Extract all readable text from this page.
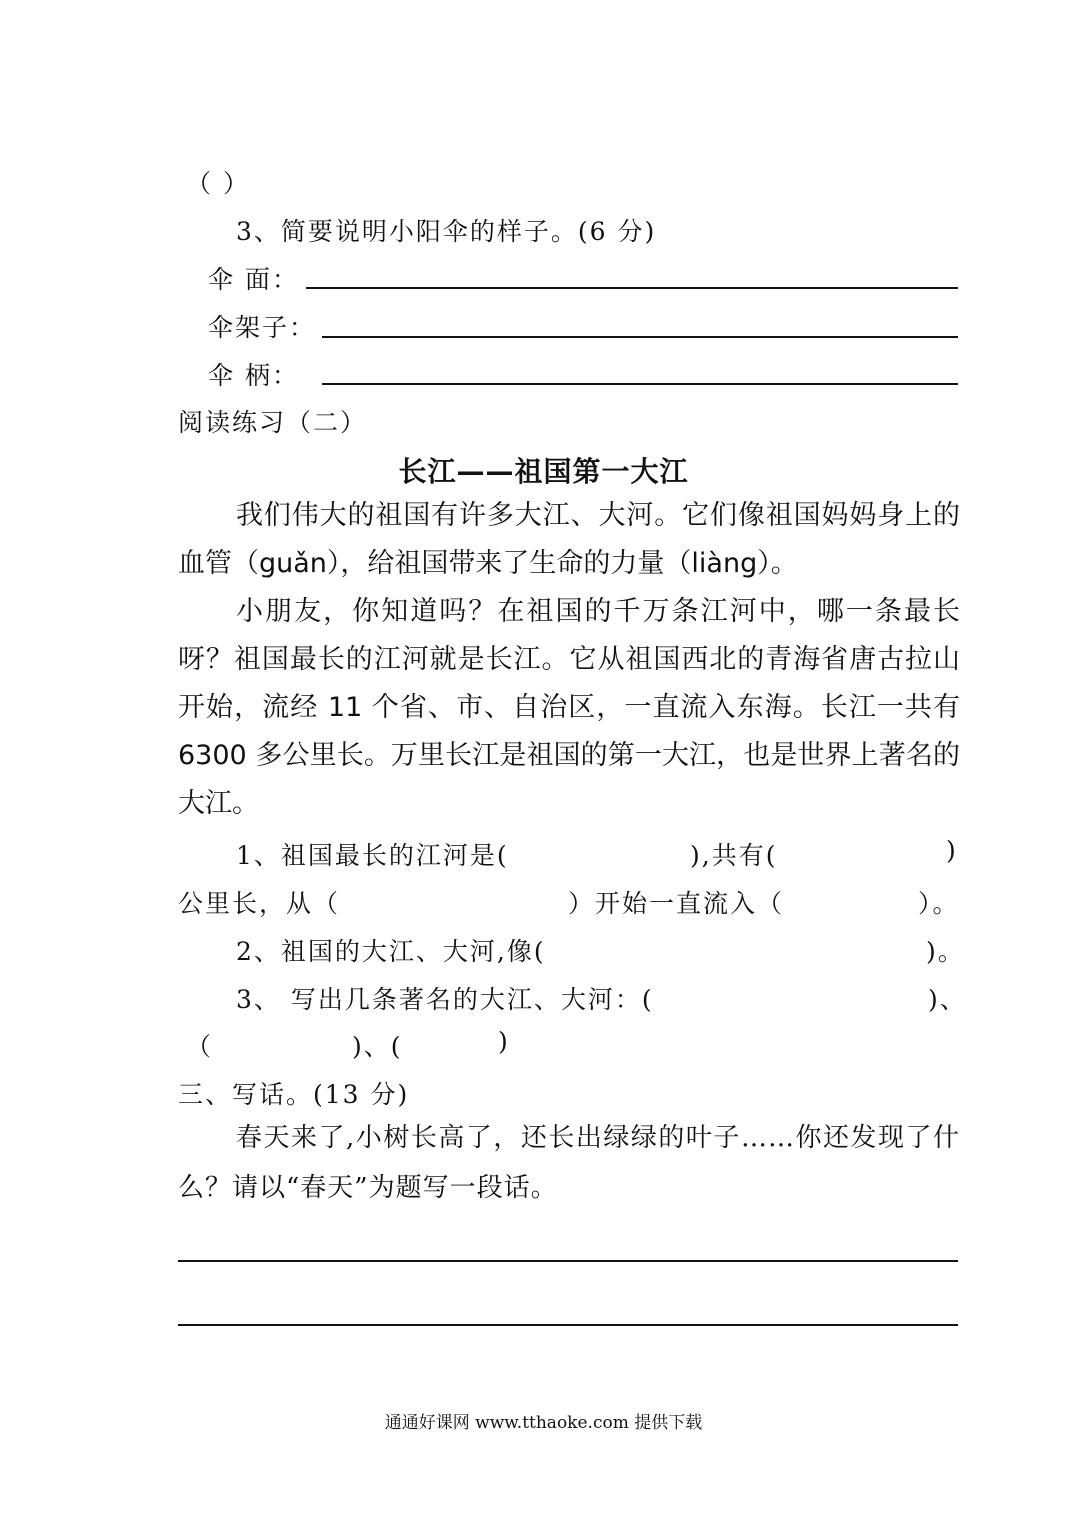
（ ）
3、简要说明小阳伞的样子。(6 分)
伞 面：
伞架子：
伞 柄：
阅读练习（二）
长江——祖国第一大江

我们伟大的祖国有许多大江、大河。它们像祖国妈妈身上的血管（guǎn），给祖国带来了生命的力量（liàng）。

小朋友，你知道吗？在祖国的千万条江河中，哪一条最长呀？祖国最长的江河就是长江。它从祖国西北的青海省唐古拉山开始，流经 11 个省、市、自治区，一直流入东海。长江一共有 6300 多公里长。万里长江是祖国的第一大江，也是世界上著名的大江。

1、祖国最长的江河是(	),共有(	)
公里长，从（	）开始一直流入（	）。
2、祖国的大江、大河,像(	)。
3、 写出几条著名的大江、大河：(	)、
（	)、(	)
三、写话。(13 分)

春天来了,小树长高了，还长出绿绿的叶子……你还发现了什么？请以“春天”为题写一段话。

通通好课网 www.tthaoke.com 提供下载
